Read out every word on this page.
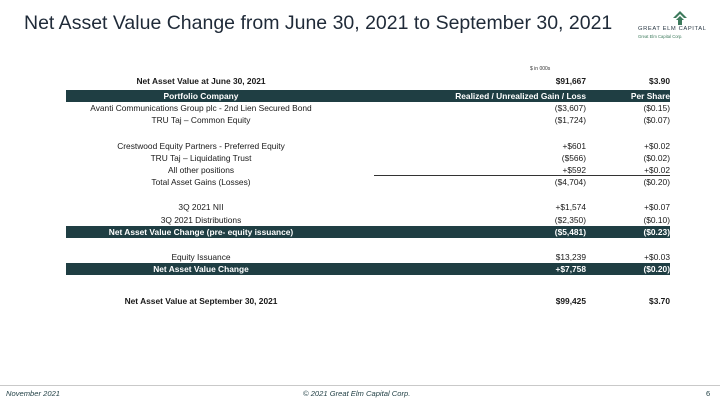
Net Asset Value Change from June 30, 2021 to September 30, 2021	GREAT ELM CAPITAL
Great Elm Capital Corp.
$ in 000s
Net Asset Value at June 30, 2021	$91,667	$3.90
Portfolio Company	Realized / Unrealized Gain / Loss	Per Share
Avanti Communications Group plc - 2nd Lien Secured Bond	($3,607)	($0.15)
TRU Taj – Common Equity	($1,724)	($0.07)
Crestwood Equity Partners - Preferred Equity	+$601	+$0.02
TRU Taj – Liquidating Trust	($566)	($0.02)
All other positions	+$592	+$0.02
Total Asset Gains (Losses)	($4,704)	($0.20)
3Q 2021 NII	+$1,574	+$0.07
3Q 2021 Distributions	($2,350)	($0.10)
Net Asset Value Change (pre- equity issuance)	($5,481)	($0.23)
Equity Issuance	$13,239	+$0.03
Net Asset Value Change	+$7,758	($0.20)
Net Asset Value at September 30, 2021	$99,425	$3.70
November 2021	© 2021 Great Elm Capital Corp.	6
